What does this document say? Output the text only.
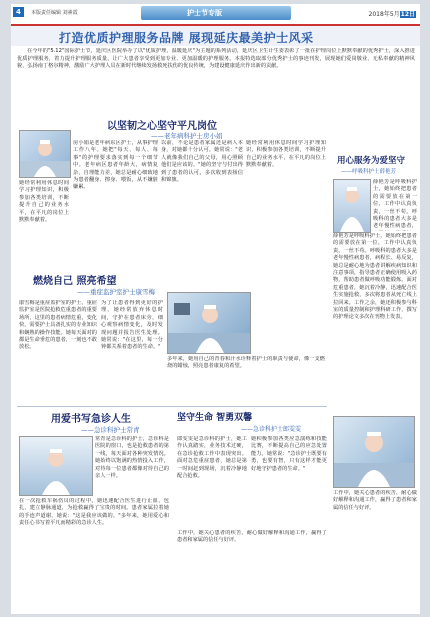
4	本版责任编辑 刘素霞	护士节专版	2018年5月12日
打造优质护理服务品牌 展现延庆最美护士风采
在今年的"5.12"国际护士节，延庆区医院举办了以"优质护理，温暖延庆"为主题的系列活动，延庆区卫生计生委表彰了一批在护理岗位上默默奉献的优秀护士，深入推进优质护理服务，着力提升护理服务质量，让广大患者享受到更加专业、更加温暖的护理服务。本报特选取部分优秀护士的事迹刊发，展现她们爱岗敬业、无私奉献的精神风貌，弘扬南丁格尔精神，激励广大护理人员在新时代继续发扬救死扶伤的优良传统，为建设健康延庆作出新的贡献。
以坚韧之心坚守平凡岗位
——老年病科护士房小娟
房小娟是老年病东区护士，从事护理工作八年。她把"每天、每人、每事"的护理要求落实到每一个细节中。老年病区患者年龄大，病情复杂，自理能力差，她总是耐心细致地为患者翻身、擦身、喂饭，从不嫌脏嫌累。
以前，不论是患者家属还是病人本身，对她都十分认可。她常说："老人就像我们自己的父母，用心照顾他们是应该的。"她的坚守与付出得到了患者的认可，多次收到表扬信和锦旗。
她经常利用休息时间学习护理知识，积极参加各类培训，不断提升自己的业务水平，在平凡的岗位上默默奉献着。
她经常利用休息时间学习护理知识，积极参加各类培训，不断提升自己的业务水平，在平凡的岗位上默默奉献着。
用心服务为爱坚守
——呼吸科护士薛艳芳
薛艳芳是呼吸科护士，她始终把患者的需要放在第一位，工作中认真负责，一丝不苟。呼吸科的患者大多是老年慢性病患者，
薛艳芳是呼吸科护士，她始终把患者的需要放在第一位，工作中认真负责，一丝不苟。呼吸科的患者大多是老年慢性病患者，病程长、易反复，她总是耐心地为患者讲解疾病知识和注意事项，指导患者正确使用吸入药物，帮助患者做呼吸功能锻炼。面对危重患者，她沉着冷静，迅速配合医生实施抢救，多次将患者从死亡线上拉回来。工作之余，她还积极参与科室的质量控制和护理科研工作，撰写的护理论文多次在刊物上发表。
燃烧自己 照亮希望
——重症监护室护士康雪梅
康雪梅是重症监护室的护士，重症监护室是医院抢救危重患者的重要场所，这里的患者病情危重，变化快，需要护士具备扎实的专业知识和娴熟的操作技能。她每天面对的都是生命垂危的患者，一刻也不敢放松。
为了让患者得到更好的护理，她经常放弃休息时间，守护在患者床旁，细心观察病情变化，及时发现问题并报告医生处理。她常说："在这里，每一分钟都关系着患者的生命。"
多年来，她用自己的青春和汗水诠释着护士的职责与使命，像一支燃烧的蜡烛，照亮患者康复的希望。
用爱书写急诊人生
——急诊科护士常青
常青是急诊科的护士，急诊科是医院的窗口，也是抢救患者的第一线，每天面对各种突发情况。她始终以饱满的热情投入工作，对待每一位患者都像对待自己的亲人一样。
在一次抢救车祸伤员的过程中，她迅速配合医生进行止血、包扎、建立静脉通道，为抢救赢得了宝贵的时间。患者家属拉着她的手连声道谢，她说："这是我应该做的。"多年来，她用爱心和责任心书写着平凡而精彩的急诊人生。
坚守生命 智勇双馨
——急诊科护士郎雯雯
郎雯雯是急诊科的护士，她工作认真踏实，业务技术过硬，在急诊抢救工作中表现突出。面对急危重症患者，她总是第一时间赶到现场，沉着冷静地配合抢救。
她积极参加各类应急演练和技能比赛，不断提高自己的应急处置能力。她常说："急诊护士既要有勇，也要有智，只有这样才能更好地守护患者的生命。"
工作中，她关心患者的疾苦，耐心做好解释和沟通工作，赢得了患者和家属的信任与好评。
工作中，她关心患者的疾苦，耐心做好解释和沟通工作，赢得了患者和家属的信任与好评。
